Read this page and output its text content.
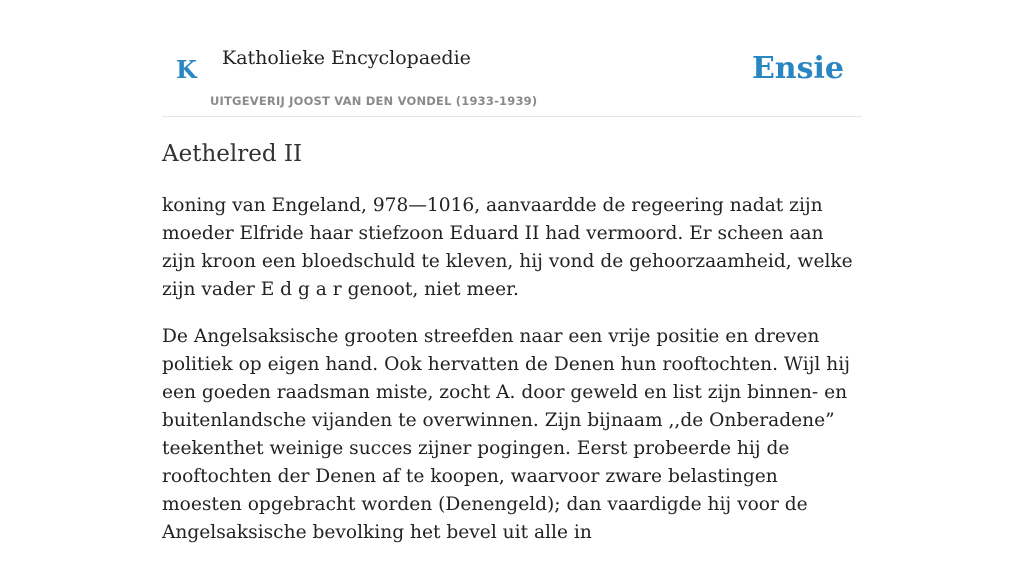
K Katholieke Encyclopaedie
UITGEVERIJ JOOST VAN DEN VONDEL (1933-1939)
Ensie
Aethelred II

koning van Engeland, 978—1016, aanvaardde de regeering nadat zijn moeder Elfride haar stiefzoon Eduard II had vermoord. Er scheen aan zijn kroon een bloedschuld te kleven, hij vond de gehoorzaamheid, welke zijn vader E d g a r genoot, niet meer.

De Angelsaksische grooten streefden naar een vrije positie en dreven politiek op eigen hand. Ook hervatten de Denen hun rooftochten. Wijl hij een goeden raadsman miste, zocht A. door geweld en list zijn binnen- en buitenlandsche vijanden te overwinnen. Zijn bijnaam ,,de Onberadene” teekenthet weinige succes zijner pogingen. Eerst probeerde hij de rooftochten der Denen af te koopen, waarvoor zware belastingen moesten opgebracht worden (Denengeld); dan vaardigde hij voor de Angelsaksische bevolking het bevel uit alle in
